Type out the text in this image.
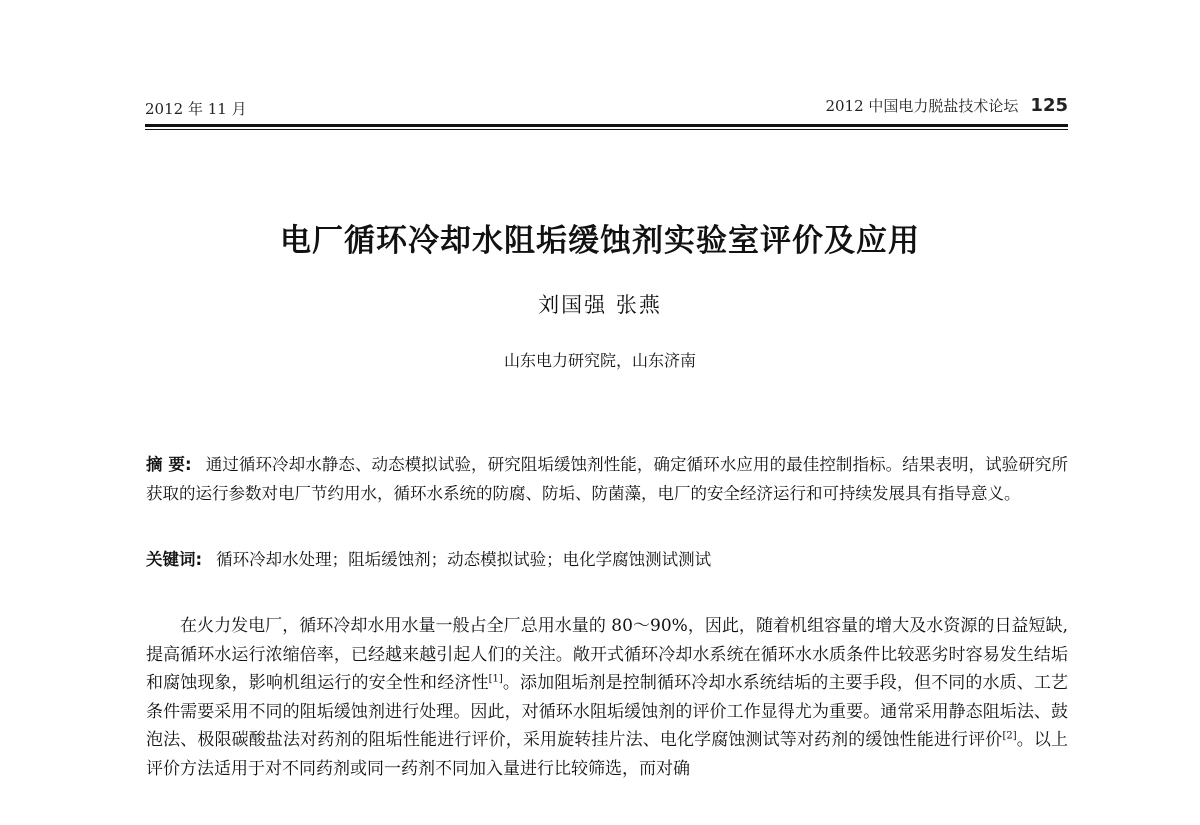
2012 年 11 月	2012 中国电力脱盐技术论坛 125
电厂循环冷却水阻垢缓蚀剂实验室评价及应用
刘国强 张燕
山东电力研究院，山东济南
摘 要: 通过循环冷却水静态、动态模拟试验，研究阻垢缓蚀剂性能，确定循环水应用的最佳控制指标。结果表明，试验研究所获取的运行参数对电厂节约用水，循环水系统的防腐、防垢、防菌藻，电厂的安全经济运行和可持续发展具有指导意义。
关键词: 循环冷却水处理；阻垢缓蚀剂；动态模拟试验；电化学腐蚀测试测试
在火力发电厂，循环冷却水用水量一般占全厂总用水量的 80～90%，因此，随着机组容量的增大及水资源的日益短缺,提高循环水运行浓缩倍率，已经越来越引起人们的关注。敞开式循环冷却水系统在循环水水质条件比较恶劣时容易发生结垢和腐蚀现象，影响机组运行的安全性和经济性[1]。添加阻垢剂是控制循环冷却水系统结垢的主要手段，但不同的水质、工艺条件需要采用不同的阻垢缓蚀剂进行处理。因此，对循环水阻垢缓蚀剂的评价工作显得尤为重要。通常采用静态阻垢法、鼓泡法、极限碳酸盐法对药剂的阻垢性能进行评价，采用旋转挂片法、电化学腐蚀测试等对药剂的缓蚀性能进行评价[2]。以上评价方法适用于对不同药剂或同一药剂不同加入量进行比较筛选，而对确
